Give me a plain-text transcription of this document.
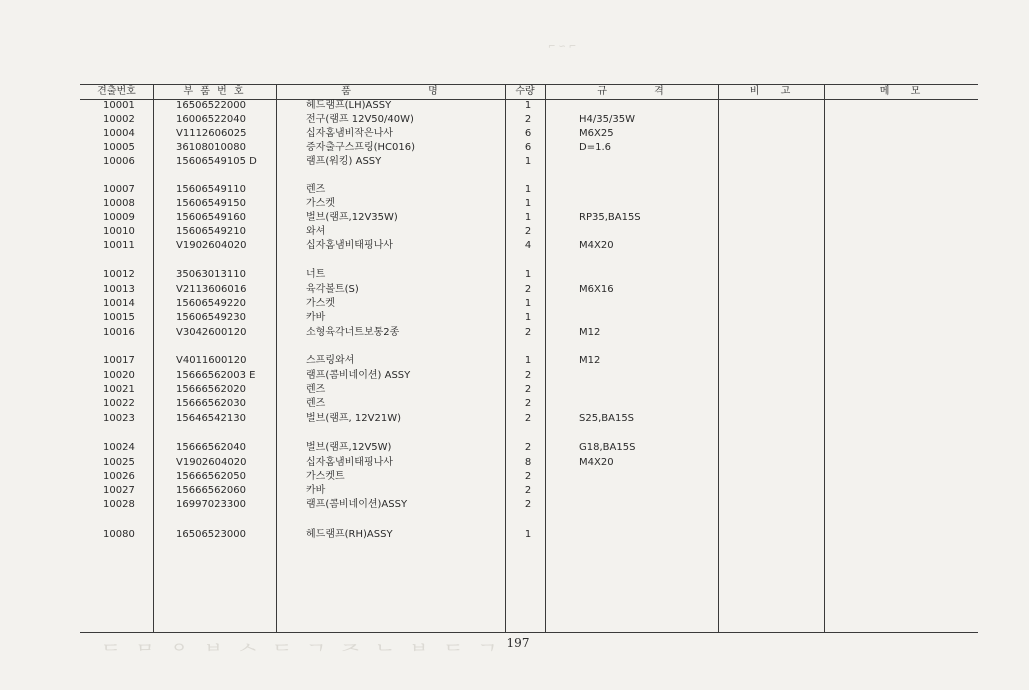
⌐ ∽ ⌐
견출번호	부 품 번 호	품 명	수량	규 격	비 고	메 모
10001	16506522000	헤드램프(LH)ASSY	1
10002	16006522040	전구(램프 12V50/40W)	2	H4/35/35W
10004	V1112606025	십자홈냄비작은나사	6	M6X25
10005	36108010080	증자출구스프링(HC016)	6	D=1.6
10006	15606549105 D	램프(워킹) ASSY	1
10007	15606549110	렌즈	1
10008	15606549150	가스켓	1
10009	15606549160	벌브(램프,12V35W)	1	RP35,BA15S
10010	15606549210	와셔	2
10011	V1902604020	십자홈냄비태핑나사	4	M4X20
10012	35063013110	너트	1
10013	V2113606016	육각볼트(S)	2	M6X16
10014	15606549220	가스켓	1
10015	15606549230	카바	1
10016	V3042600120	소형육각너트보통2종	2	M12
10017	V4011600120	스프링와셔	1	M12
10020	15666562003 E	램프(콤비네이션) ASSY	2
10021	15666562020	렌즈	2
10022	15666562030	렌즈	2
10023	15646542130	벌브(램프, 12V21W)	2	S25,BA15S
10024	15666562040	벌브(램프,12V5W)	2	G18,BA15S
10025	V1902604020	십자홈냄비태핑나사	8	M4X20
10026	15666562050	가스켓트	2
10027	15666562060	카바	2
10028	16997023300	램프(콤비네이션)ASSY	2
10080	16506523000	헤드램프(RH)ASSY	1
197
ᄃ ᄆ ᄋ ᄇ ᄉ ᄃ ᄀ ᄌ ᄂ ᄇ ᄃ ᄀ
